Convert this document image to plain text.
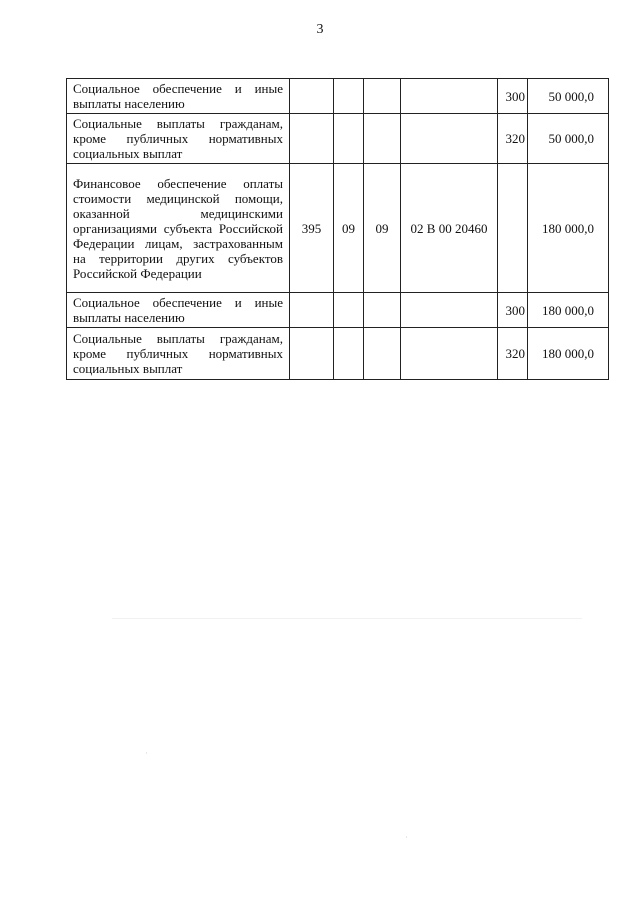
3
Социальное обеспечение и иные выплаты населению					300	50 000,0
Социальные выплаты гражданам, кроме публичных нормативных социальных выплат					320	50 000,0
Финансовое обеспечение оплаты стоимости медицинской помощи, оказанной медицинскими организациями субъекта Российской Федерации лицам, застрахованным на территории других субъектов Российской Федерации	395	09	09	02 В 00 20460		180 000,0
Социальное обеспечение и иные выплаты населению					300	180 000,0
Социальные выплаты гражданам, кроме публичных нормативных социальных выплат					320	180 000,0
